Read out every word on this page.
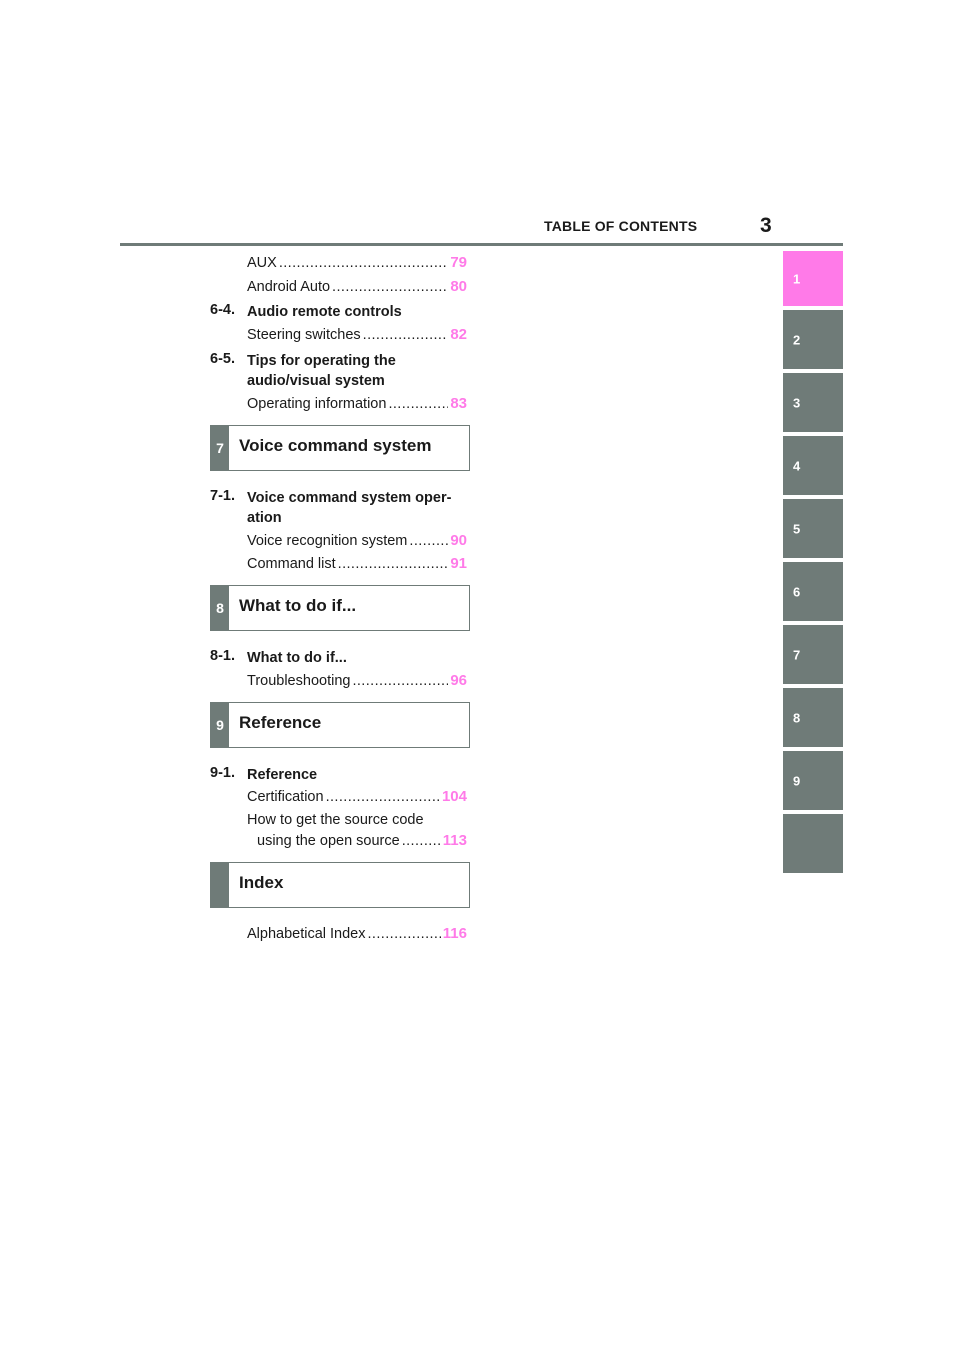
TABLE OF CONTENTS	3
1
2
3
4
5
6
7
8
9
AUX .....	79
Android Auto .....	80
6-4. Audio remote controls
Steering switches .....	82
6-5. Tips for operating the
audio/visual system
Operating information .....	83
7 Voice command system
7-1. Voice command system oper-
ation
Voice recognition system .....	90
Command list .....	91
8 What to do if...
8-1. What to do if...
Troubleshooting .....	96
9 Reference
9-1. Reference
Certification .....	104
How to get the source code
using the open source .....	113
Index
Alphabetical Index .....	116
